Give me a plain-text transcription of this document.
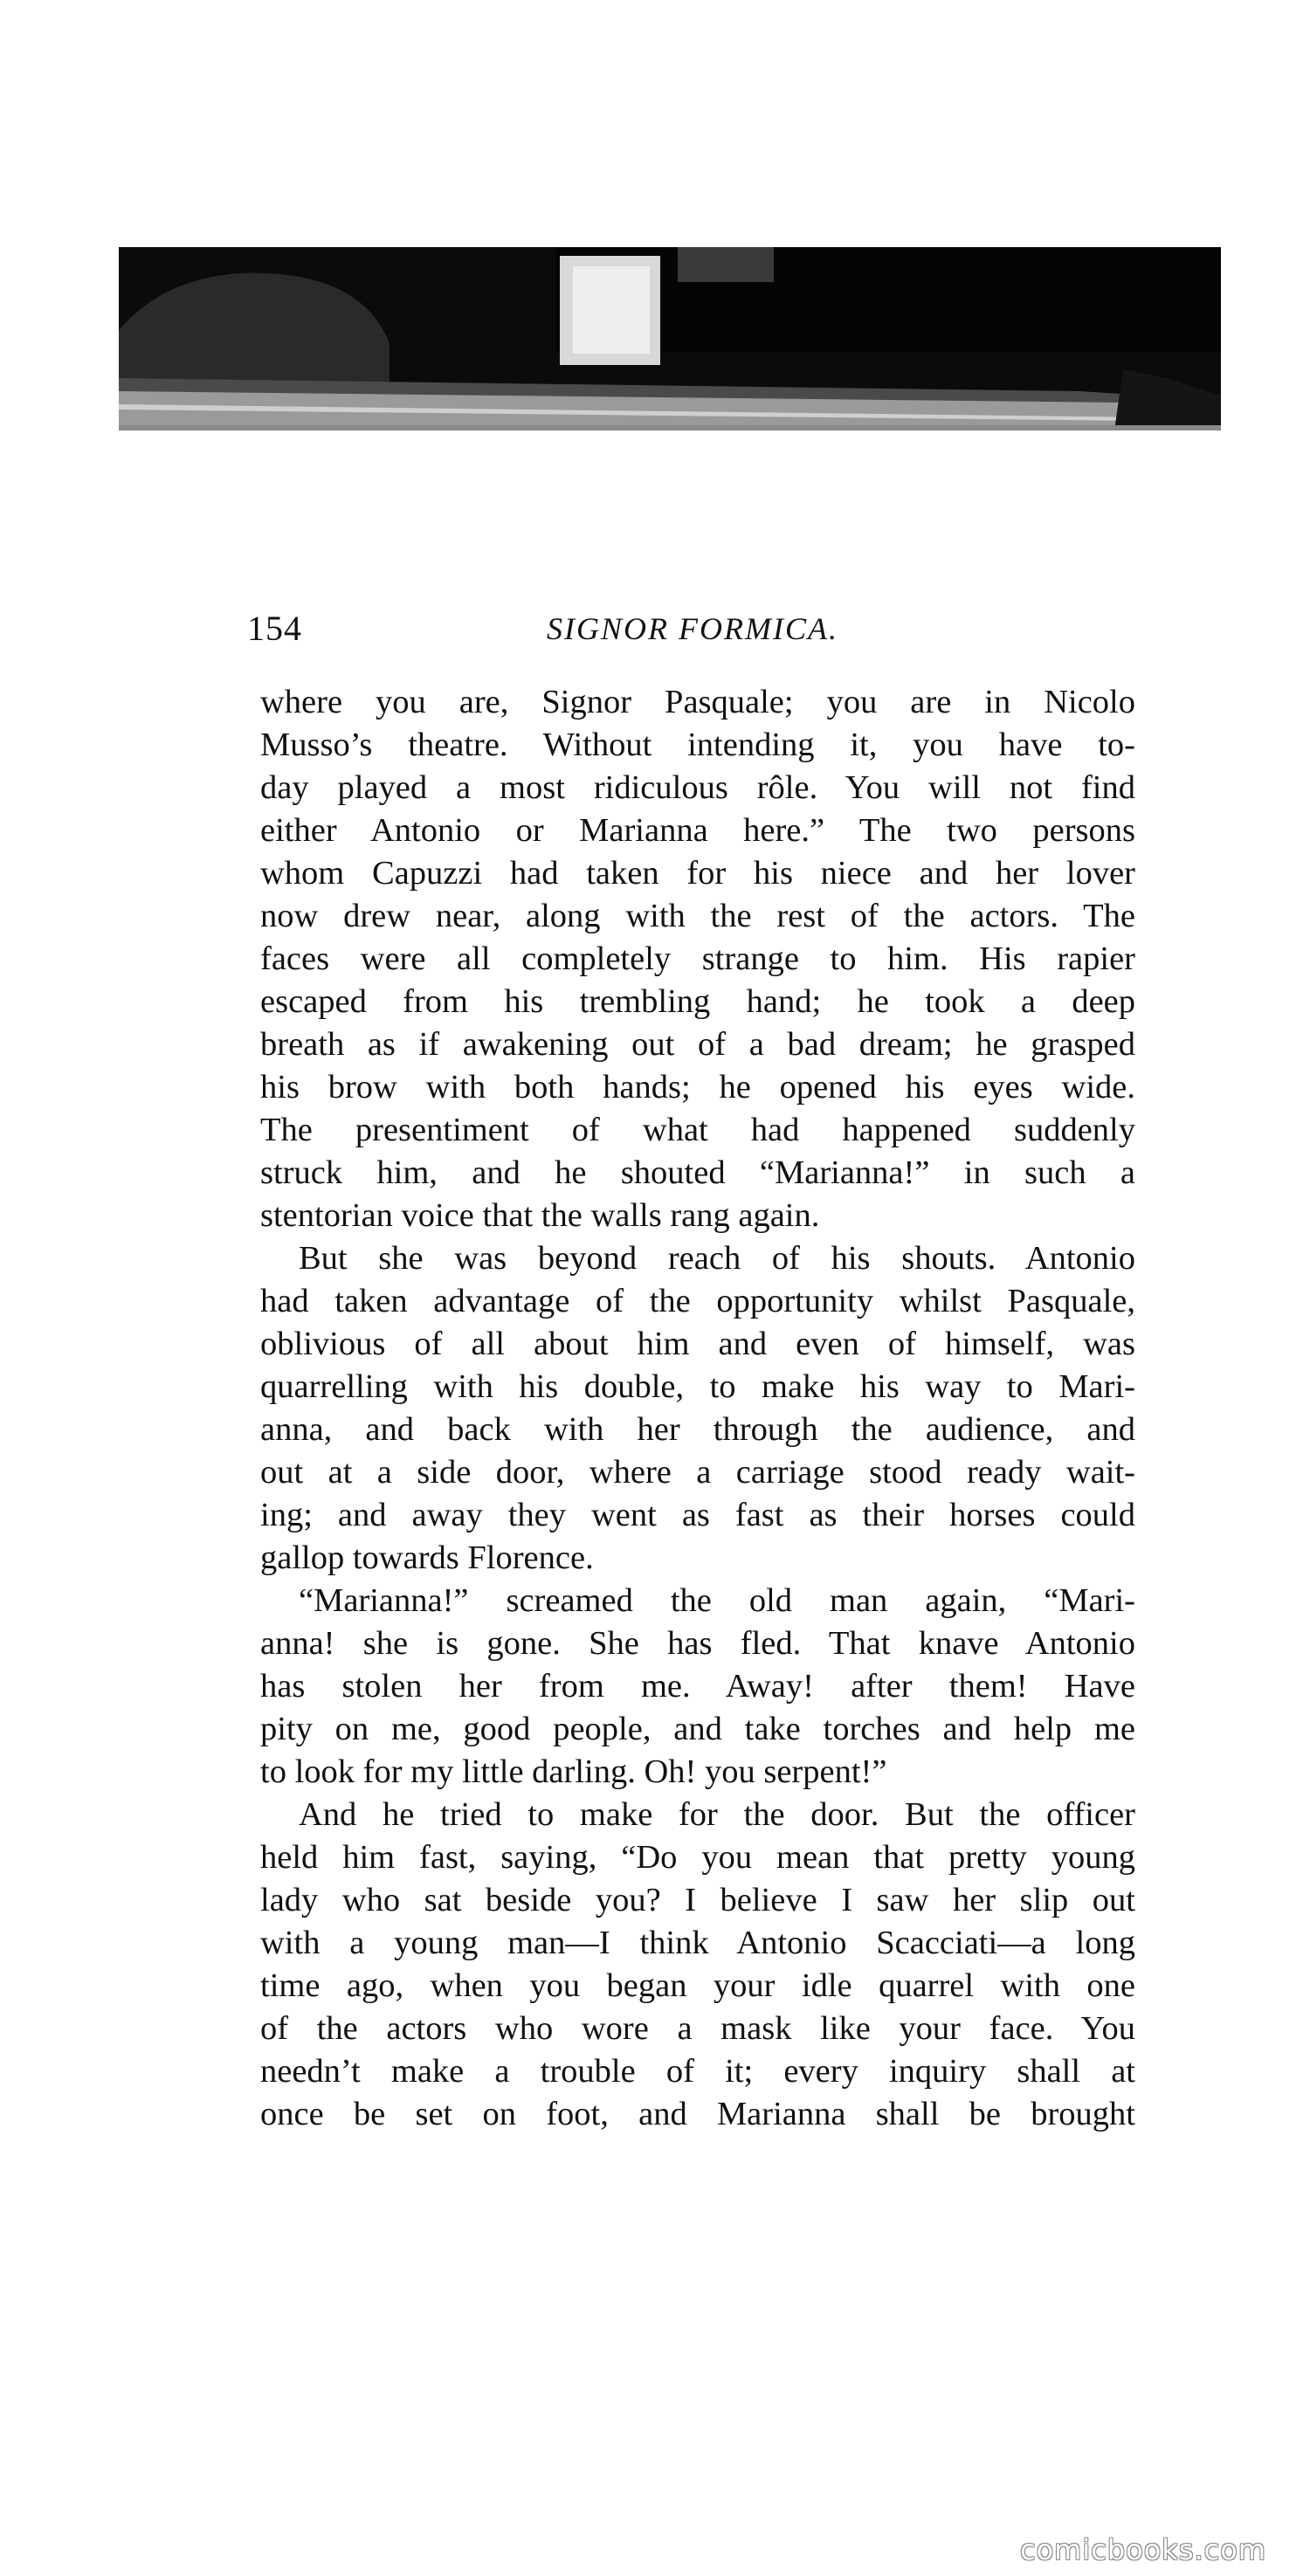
154	SIGNOR FORMICA.
where you are, Signor Pasquale; you are in Nicolo
Musso’s theatre. Without intending it, you have to-
day played a most ridiculous rôle. You will not find
either Antonio or Marianna here.” The two persons
whom Capuzzi had taken for his niece and her lover
now drew near, along with the rest of the actors. The
faces were all completely strange to him. His rapier
escaped from his trembling hand; he took a deep
breath as if awakening out of a bad dream; he grasped
his brow with both hands; he opened his eyes wide.
The presentiment of what had happened suddenly
struck him, and he shouted “Marianna!” in such a
stentorian voice that the walls rang again.
But she was beyond reach of his shouts. Antonio
had taken advantage of the opportunity whilst Pasquale,
oblivious of all about him and even of himself, was
quarrelling with his double, to make his way to Mari-
anna, and back with her through the audience, and
out at a side door, where a carriage stood ready wait-
ing; and away they went as fast as their horses could
gallop towards Florence.
“Marianna!” screamed the old man again, “Mari-
anna! she is gone. She has fled. That knave Antonio
has stolen her from me. Away! after them! Have
pity on me, good people, and take torches and help me
to look for my little darling. Oh! you serpent!”
And he tried to make for the door. But the officer
held him fast, saying, “Do you mean that pretty young
lady who sat beside you? I believe I saw her slip out
with a young man—I think Antonio Scacciati—a long
time ago, when you began your idle quarrel with one
of the actors who wore a mask like your face. You
needn’t make a trouble of it; every inquiry shall at
once be set on foot, and Marianna shall be brought
comicbooks.com
